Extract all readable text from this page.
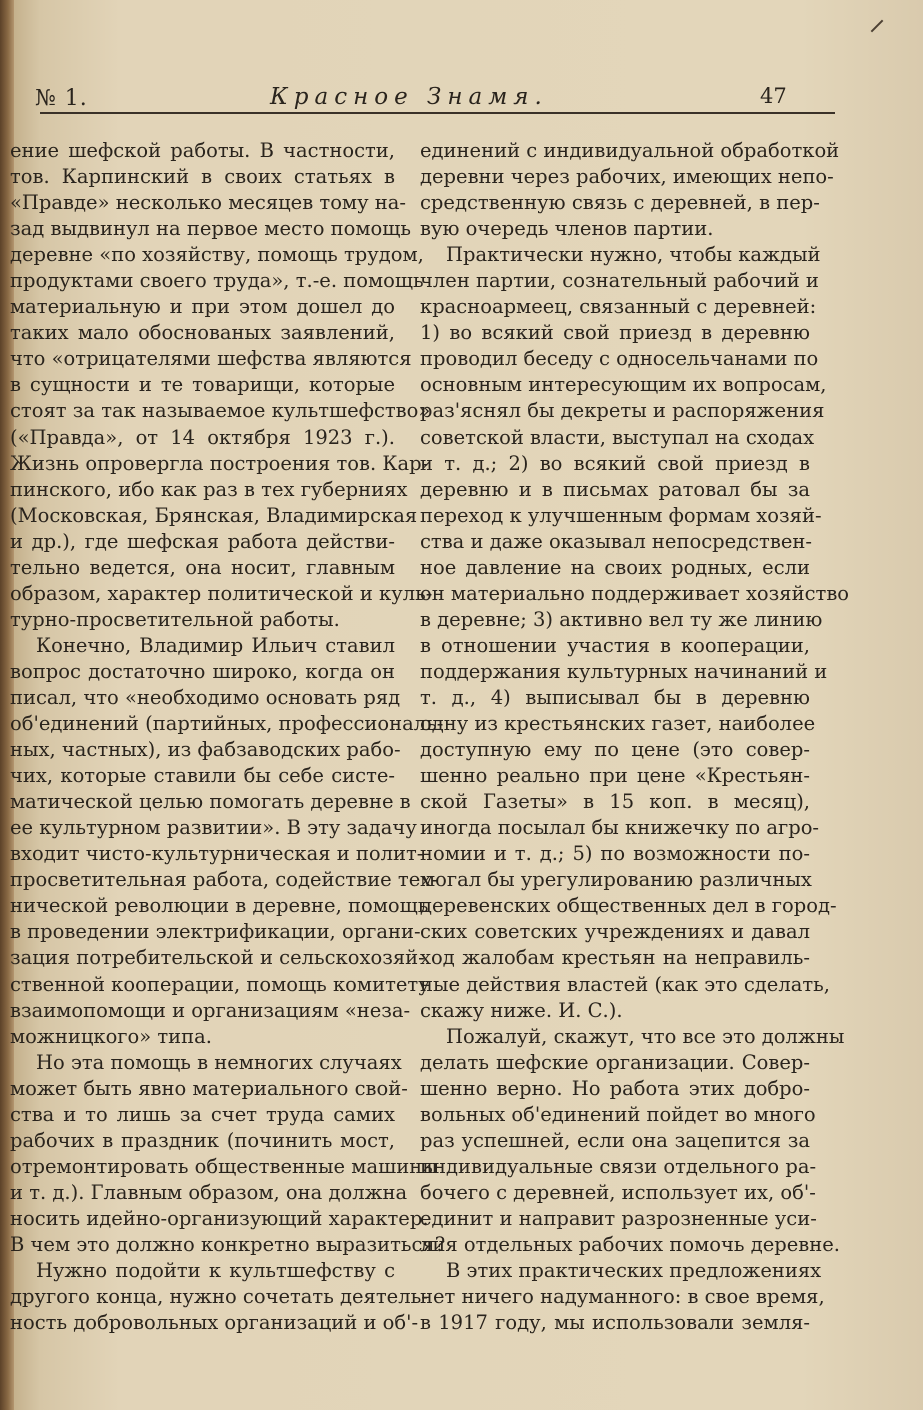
№ 1.	Красное Знамя.	47
ение шефской работы. В частности,
тов. Карпинский в своих статьях в
«Правде» несколько месяцев тому на-
зад выдвинул на первое место помощь
деревне «по хозяйству, помощь трудом,
продуктами своего труда», т.-е. помощь
материальную и при этом дошел до
таких мало обоснованых заявлений,
что «отрицателями шефства являются
в сущности и те товарищи, которые
стоят за так называемое культшефство»
(«Правда», от 14 октября 1923 г.).
Жизнь опровергла построения тов. Кар-
пинского, ибо как раз в тех губерниях
(Московская, Брянская, Владимирская
и др.), где шефская работа действи-
тельно ведется, она носит, главным
образом, характер политической и куль-
турно-просветительной работы.
Конечно, Владимир Ильич ставил
вопрос достаточно широко, когда он
писал, что «необходимо основать ряд
об'единений (партийных, профессиональ-
ных, частных), из фабзаводских рабо-
чих, которые ставили бы себе систе-
матической целью помогать деревне в
ее культурном развитии». В эту задачу
входит чисто-культурническая и полит-
просветительная работа, содействие тех-
нической революции в деревне, помощь
в проведении электрификации, органи-
зация потребительской и сельскохозяй-
ственной кооперации, помощь комитету
взаимопомощи и организациям «неза-
можницкого» типа.
Но эта помощь в немногих случаях
может быть явно материального свой-
ства и то лишь за счет труда самих
рабочих в праздник (починить мост,
отремонтировать общественные машины
и т. д.). Главным образом, она должна
носить идейно-организующий характер.
В чем это должно конкретно выразиться?
Нужно подойти к культшефству с
другого конца, нужно сочетать деятель-
ность добровольных организаций и об'-
единений с индивидуальной обработкой
деревни через рабочих, имеющих непо-
средственную связь с деревней, в пер-
вую очередь членов партии.
Практически нужно, чтобы каждый
член партии, сознательный рабочий и
красноармеец, связанный с деревней:
1) во всякий свой приезд в деревню
проводил беседу с односельчанами по
основным интересующим их вопросам,
раз'яснял бы декреты и распоряжения
советской власти, выступал на сходах
и т. д.; 2) во всякий свой приезд в
деревню и в письмах ратовал бы за
переход к улучшенным формам хозяй-
ства и даже оказывал непосредствен-
ное давление на своих родных, если
он материально поддерживает хозяйство
в деревне; 3) активно вел ту же линию
в отношении участия в кооперации,
поддержания культурных начинаний и
т. д., 4) выписывал бы в деревню
одну из крестьянских газет, наиболее
доступную ему по цене (это совер-
шенно реально при цене «Крестьян-
ской Газеты» в 15 коп. в месяц),
иногда посылал бы книжечку по агро-
номии и т. д.; 5) по возможности по-
могал бы урегулированию различных
деревенских общественных дел в город-
ских советских учреждениях и давал
ход жалобам крестьян на неправиль-
ные действия властей (как это сделать,
скажу ниже. И. С.).
Пожалуй, скажут, что все это должны
делать шефские организации. Совер-
шенно верно. Но работа этих добро-
вольных об'единений пойдет во много
раз успешней, если она зацепится за
индивидуальные связи отдельного ра-
бочего с деревней, использует их, об'-
единит и направит разрозненные уси-
лия отдельных рабочих помочь деревне.
В этих практических предложениях
нет ничего надуманного: в свое время,
в 1917 году, мы использовали земля-
